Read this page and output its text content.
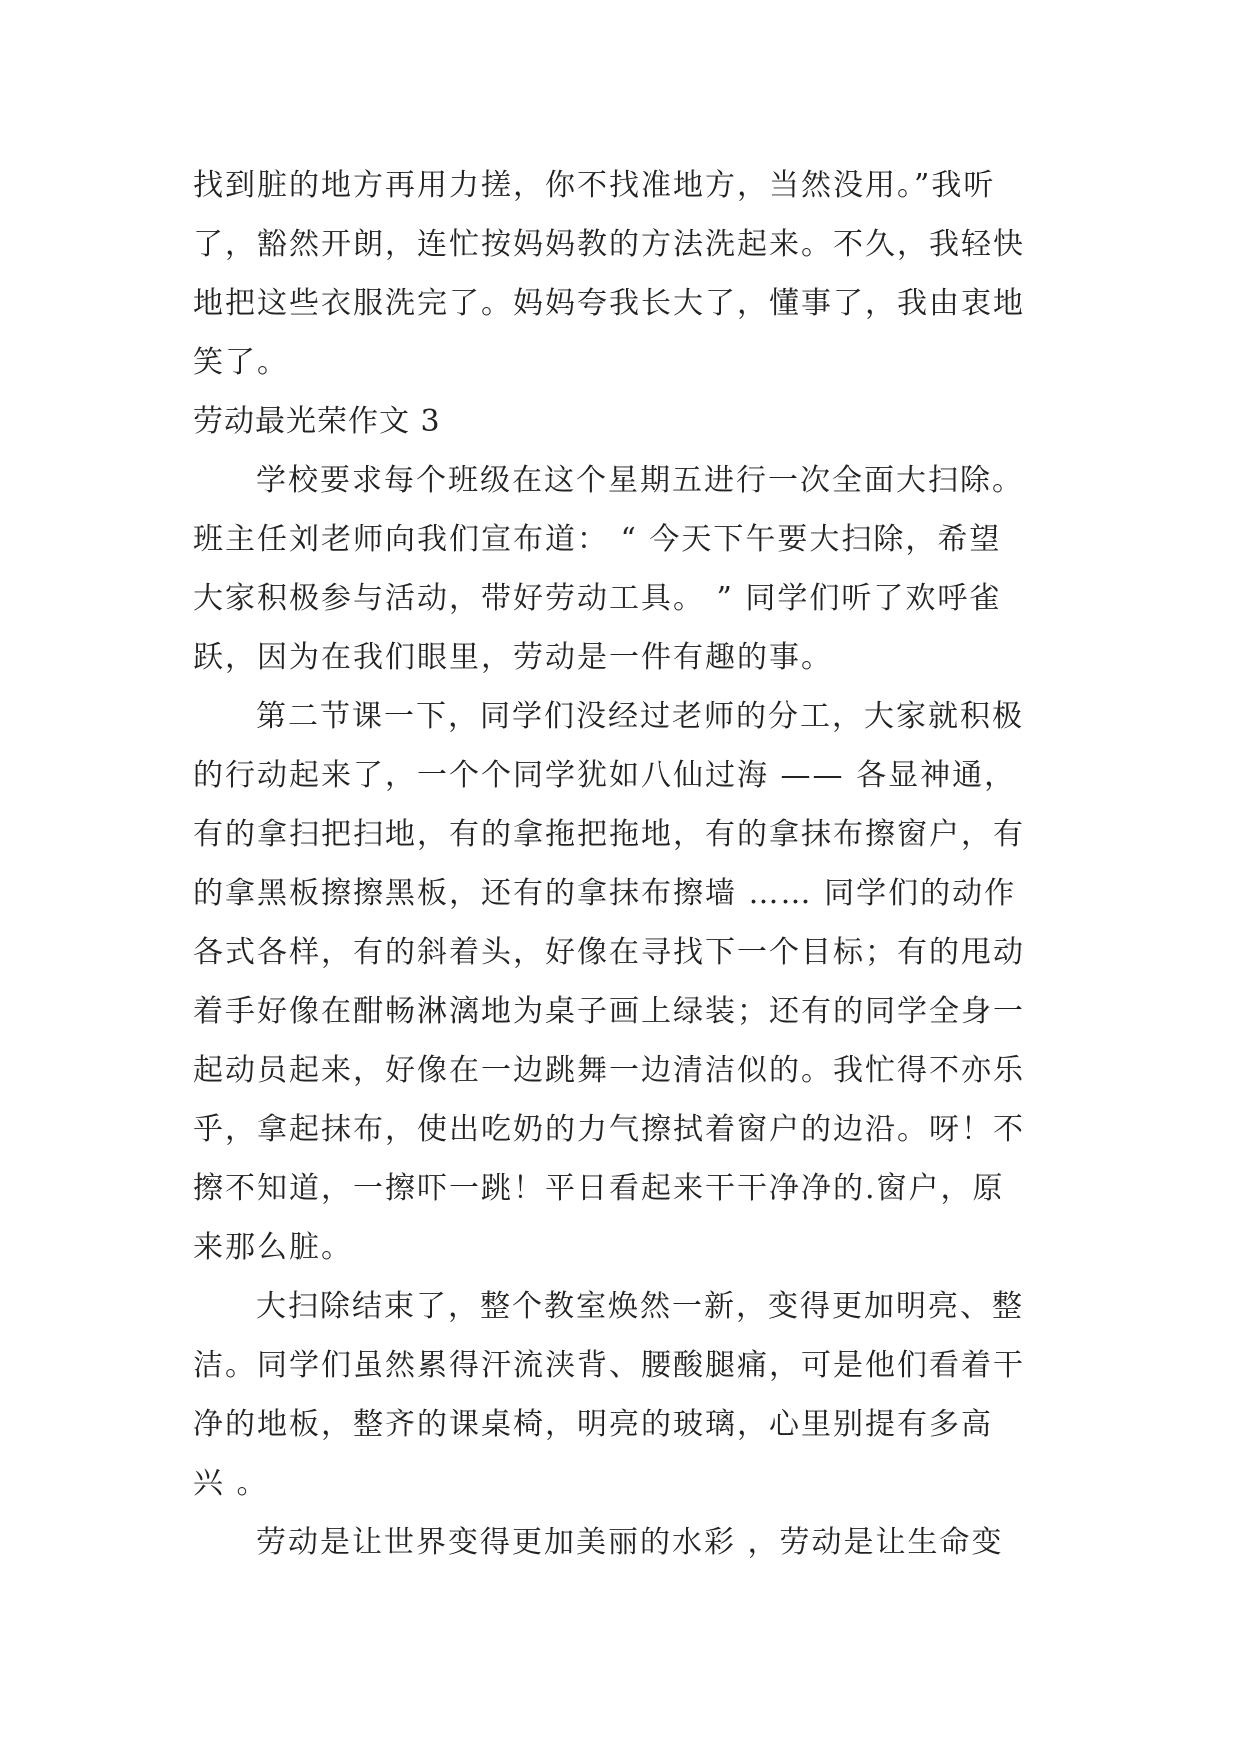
找到脏的地方再用力搓，你不找准地方，当然没用。”我听
了，豁然开朗，连忙按妈妈教的方法洗起来。不久，我轻快
地把这些衣服洗完了。妈妈夸我长大了，懂事了，我由衷地
笑了。
劳动最光荣作文 3
学校要求每个班级在这个星期五进行一次全面大扫除。
班主任刘老师向我们宣布道： “ 今天下午要大扫除，希望
大家积极参与活动，带好劳动工具。 ” 同学们听了欢呼雀
跃，因为在我们眼里，劳动是一件有趣的事。
第二节课一下，同学们没经过老师的分工，大家就积极
的行动起来了，一个个同学犹如八仙过海 —— 各显神通，
有的拿扫把扫地，有的拿拖把拖地，有的拿抹布擦窗户，有
的拿黑板擦擦黑板，还有的拿抹布擦墙 …… 同学们的动作
各式各样，有的斜着头，好像在寻找下一个目标；有的甩动
着手好像在酣畅淋漓地为桌子画上绿装；还有的同学全身一
起动员起来，好像在一边跳舞一边清洁似的。我忙得不亦乐
乎，拿起抹布，使出吃奶的力气擦拭着窗户的边沿。呀！不
擦不知道，一擦吓一跳！平日看起来干干净净的.窗户，原
来那么脏。
大扫除结束了，整个教室焕然一新，变得更加明亮、整
洁。同学们虽然累得汗流浃背、腰酸腿痛，可是他们看着干
净的地板，整齐的课桌椅，明亮的玻璃，心里别提有多高
兴 。
劳动是让世界变得更加美丽的水彩 ，劳动是让生命变
